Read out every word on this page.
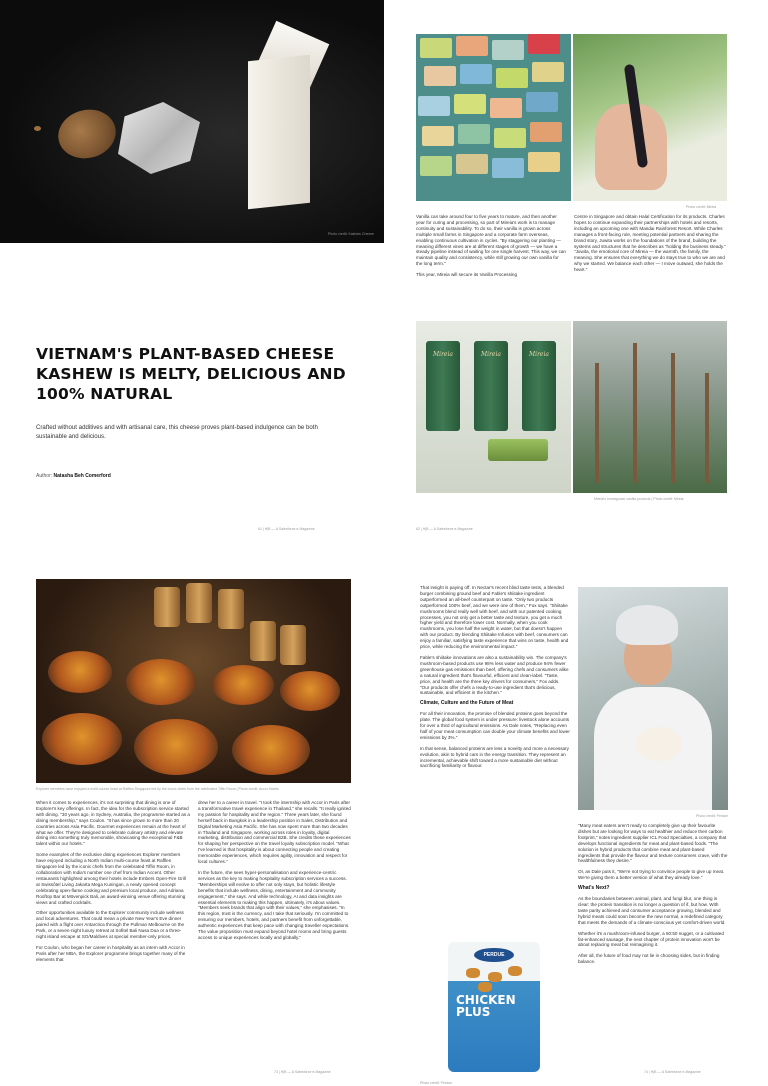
Photo credit: Kashew Cheese
VIETNAM'S PLANT-BASED CHEESE KASHEW IS MELTY, DELICIOUS AND 100% NATURAL

Crafted without additives and with artisanal care, this cheese proves plant-based indulgence can be both sustainable and delicious.

Author: Natasha Beh Comerford
61 | H|B — A Salesforce e-Magazine
Photo credit: Mireia

Vanilla can take around four to five years to mature, and then another year for curing and processing, so part of Mireia's work is to manage continuity and sustainability. To do so, their vanilla is grown across multiple small farms in Singapore and a corporate farm overseas, enabling continuous cultivation in cycles. "By staggering our planting — meaning different vines are at different stages of growth — we have a steady pipeline instead of waiting for one single harvest. This way, we can maintain quality and consistency, while still growing our own vanilla for the long term."

This year, Mireia will secure its Vanilla Processing

Centre in Singapore and obtain Halal Certification for its products. Charles hopes to continue expanding their partnerships with hotels and resorts, including an upcoming one with Mandai Rainforest Resort. While Charles manages a front-facing role, meeting potential partners and sharing the brand story, Juwita works on the foundations of the brand, building the systems and structures that he describes as "holding the business steady." "Juwita, the emotional core of Mireia — the warmth, the family, the meaning. She ensures that everything we do stays true to who we are and why we started. We balance each other — I move outward, she holds the heart."

Mireia	Mireia	Mireia
Mireia's homegrown vanilla products | Photo credit: Mireia
62 | H|B — A Salesforce e-Magazine
Explorer members have enjoyed a multi-course feast at Raffles Singapore led by the iconic chefs from the celebrated Tiffin Room | Photo credit: Accor Hotels

When it comes to experiences, it's not surprising that dining is one of Explorer's key offerings. In fact, the idea for the subscription service started with dining. "30 years ago, in Sydney, Australia, the programme started as a dining membership," says Coulon. "It has since grown to more than 20 countries across Asia Pacific. Gourmet experiences remain at the heart of what we offer. They're designed to celebrate culinary artistry and elevate dining into something truly memorable, showcasing the exceptional F&B talent within our hotels."

Some examples of the exclusive dining experiences Explorer members have enjoyed including a North Indian multi-course feast at Raffles Singapore led by the iconic chefs from the celebrated Tiffin Room, in collaboration with India's number one chef from Indian Accent. Other restaurants highlighted among their hotels include Embers Open-Fire Grill at Swissôtel Living Jakarta Mega Kuningan, a newly opened concept celebrating open-flame cooking and premium local produce, and Adriana Rooftop Bar at Mövenpick Bali, an award-winning venue offering stunning views and crafted cocktails.

Other opportunities available to the Explorer community include wellness and local adventures. That could mean a private New Year's Eve dinner paired with a flight over Antarctica through the Pullman Melbourne on the Park, or a seven-night luxury retreat at Sofitel Bali Nusa Dua or a three-night island escape at SO/Maldives at special member-only prices.

For Coulon, who began her career in hospitality as an intern with Accor in Paris after her MBA, the Explorer programme brings together many of the elements that

drew her to a career in travel. "I took the internship with Accor in Paris after a transformative travel experience in Thailand," she recalls. "It really ignited my passion for hospitality and the region." Three years later, she found herself back in Bangkok in a leadership position in Sales, Distribution and Digital Marketing Asia Pacific. She has now spent more than two decades in Thailand and Singapore, working across roles in loyalty, digital marketing, distribution and commercial B2B. She credits these experiences for shaping her perspective on the travel loyalty subscription model. "What I've learned is that hospitality is about connecting people and creating memorable experiences, which requires agility, innovation and respect for local cultures."

In the future, she sees hyper-personalisation and experience-centric services as the key to making hospitality subscription services a success. "Memberships will evolve to offer not only stays, but holistic lifestyle benefits that include wellness, dining, entertainment and community engagement," she says. And while technology, AI and data insights are essential elements to making this happen, ultimately, it's about values. "Members seek brands that align with their values," she emphasises. "In this region, trust is the currency, and I take that seriously. I'm committed to ensuring our members, hotels, and partners benefit from unforgettable, authentic experiences that keep pace with changing traveller expectations. The value proposition must expand beyond hotel rooms and bring guests access to unique experiences locally and globally."

73 | H|B — A Salesforce e-Magazine

That insight is paying off. In Nectar's recent blind taste tests, a blended burger combining ground beef and Fable's shiitake ingredient outperformed an all-beef counterpart on taste. "Only two products outperformed 100% beef, and we were one of them," Fox says. "Shiitake mushrooms blend really well with beef, and with our patented cooking processes, you not only get a better taste and texture, you get a much higher yield and therefore lower cost. Normally, when you cook mushrooms, you lose half the weight in water, but that doesn't happen with our product. By blending Shiitake Infusion with beef, consumers can enjoy a familiar, satisfying taste experience that wins on taste, health and price, while reducing the environmental impact."

Fable's shiitake innovations are also a sustainability win. The company's mushroom-based products use 98% less water and produce 94% fewer greenhouse gas emissions than beef, offering chefs and consumers alike a natural ingredient that's flavourful, efficient and clean-label. "Taste, price, and health are the three key drivers for consumers," Fox adds. "Our products offer chefs a ready-to-use ingredient that's delicious, sustainable, and efficient in the kitchen."

Climate, Culture and the Future of Meat

For all their innovation, the promise of blended proteins goes beyond the plate. The global food system is under pressure: livestock alone accounts for over a third of agricultural emissions. As Dale notes, "Replacing even half of your meat consumption can double your climate benefits and lower emissions by 3%."

In that sense, balanced proteins are less a novelty and more a necessary evolution, akin to hybrid cars in the energy transition. They represent an incremental, achievable shift toward a more sustainable diet without sacrificing familiarity or flavour.

Photo credit: Perdue

"Many meat eaters aren't ready to completely give up their favourite dishes but are looking for ways to eat healthier and reduce their carbon footprint," notes ingredient supplier ICL Food Specialties, a company that develops functional ingredients for meat and plant-based foods. "The solution is hybrid products that combine meat and plant-based ingredients that provide the flavour and texture consumers crave, with the healthfulness they desire."

Or, as Dale puts it, "We're not trying to convince people to give up meat. We're giving them a better version of what they already love."

What's Next?

As the boundaries between animal, plant, and fungi blur, one thing is clear: the protein transition is no longer a question of if, but how. With taste parity achieved and consumer acceptance growing, blended and hybrid meats could soon become the new normal, a redefined category that meets the demands of a climate-conscious yet comfort-driven world.

Whether it's a mushroom-infused burger, a 50:50 nugget, or a cultivated fat-enhanced sausage, the next chapter of protein innovation won't be about replacing meat but reimagining it.

After all, the future of food may not lie in choosing sides, but in finding balance.

PERDUE
CHICKEN
PLUS
Photo credit: Perdue
74 | H|B — A Salesforce e-Magazine
